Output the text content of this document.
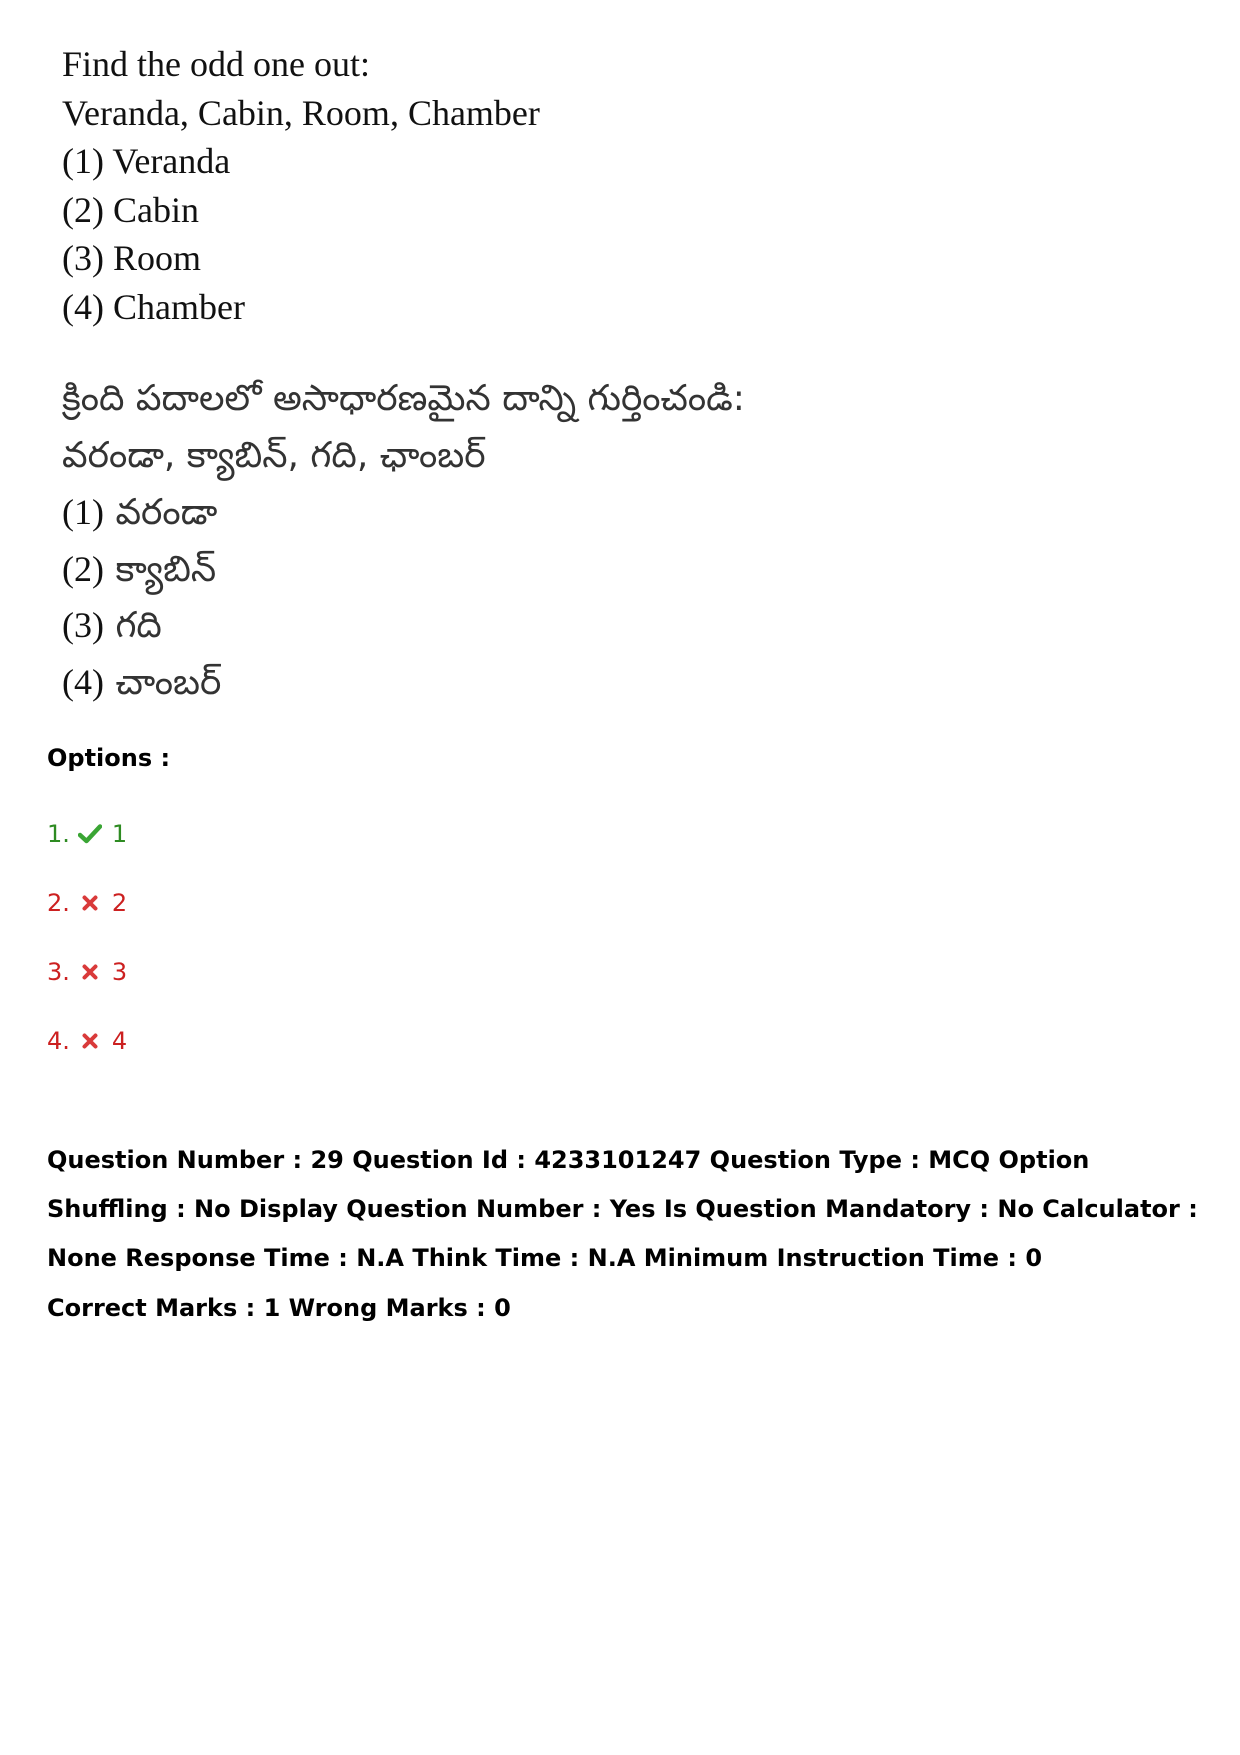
Find the odd one out:
Veranda, Cabin, Room, Chamber
(1) Veranda
(2) Cabin
(3) Room
(4) Chamber
క్రింది పదాలలో అసాధారణమైన దాన్ని గుర్తించండి:
వరండా, క్యాబిన్, గది, ఛాంబర్
(1) వరండా
(2) క్యాబిన్
(3) గది
(4) చాంబర్
Options :
1. 1
2. 2
3. 3
4. 4
Question Number : 29 Question Id : 4233101247 Question Type : MCQ Option Shuffling : No Display Question Number : Yes Is Question Mandatory : No Calculator : None Response Time : N.A Think Time : N.A Minimum Instruction Time : 0
Correct Marks : 1 Wrong Marks : 0
